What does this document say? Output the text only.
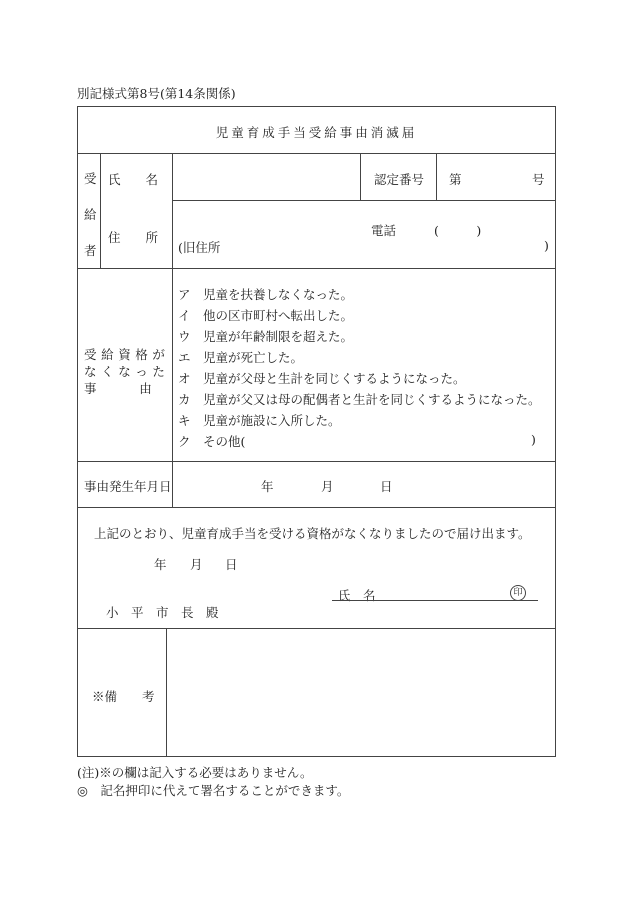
別記様式第8号(第14条関係)
児童育成手当受給事由消滅届
受
給
者
氏　　名	認定番号 第	号
住　　所	電話	(　　　)
(旧住所	)
受給資格が
なくなった
事　　　由
ア　児童を扶養しなくなった。
イ　他の区市町村へ転出した。
ウ　児童が年齢制限を超えた。
エ　児童が死亡した。
オ　児童が父母と生計を同じくするようになった。
カ　児童が父又は母の配偶者と生計を同じくするようになった。
キ　児童が施設に入所した。
ク　その他(	)
事由発生年月日	年	月	日
上記のとおり、児童育成手当を受ける資格がなくなりましたので届け出ます。
年 月 日
氏　名	印
小　平　市　長　殿
※備　　考
(注)※の欄は記入する必要はありません。
◎　記名押印に代えて署名することができます。
